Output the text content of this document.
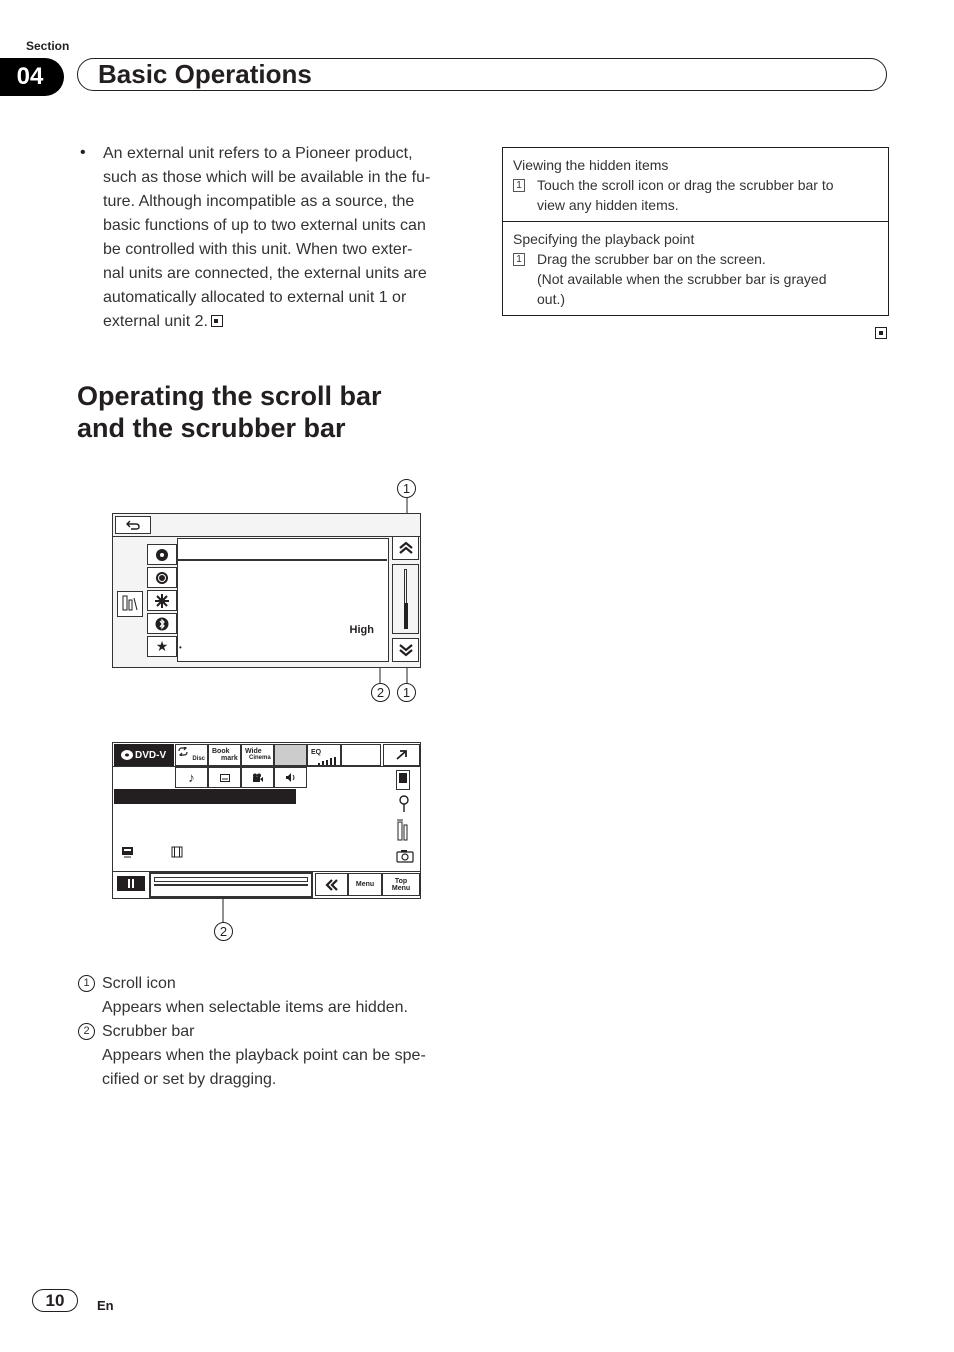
Section
04	Basic Operations
• An external unit refers to a Pioneer product,

such as those which will be available in the fu-

ture. Although incompatible as a source, the

basic functions of up to two external units can

be controlled with this unit. When two exter-

nal units are connected, the external units are

automatically allocated to external unit 1 or

external unit 2.

Viewing the hidden items
1 Touch the scroll icon or drag the scrubber bar to
view any hidden items.
Specifying the playback point
1 Drag the scrubber bar on the screen.
(Not available when the scrubber bar is grayed
out.)
Operating the scroll bar
and the scrubber bar
1
★
High
•
2	1
DVD-V	Disc
Book
mark
Wide
Cinema
EQ
♪
Menu	Top
Menu
2
1 Scroll icon

Appears when selectable items are hidden.

2 Scrubber bar

Appears when the playback point can be spe-

cified or set by dragging.

10	En
